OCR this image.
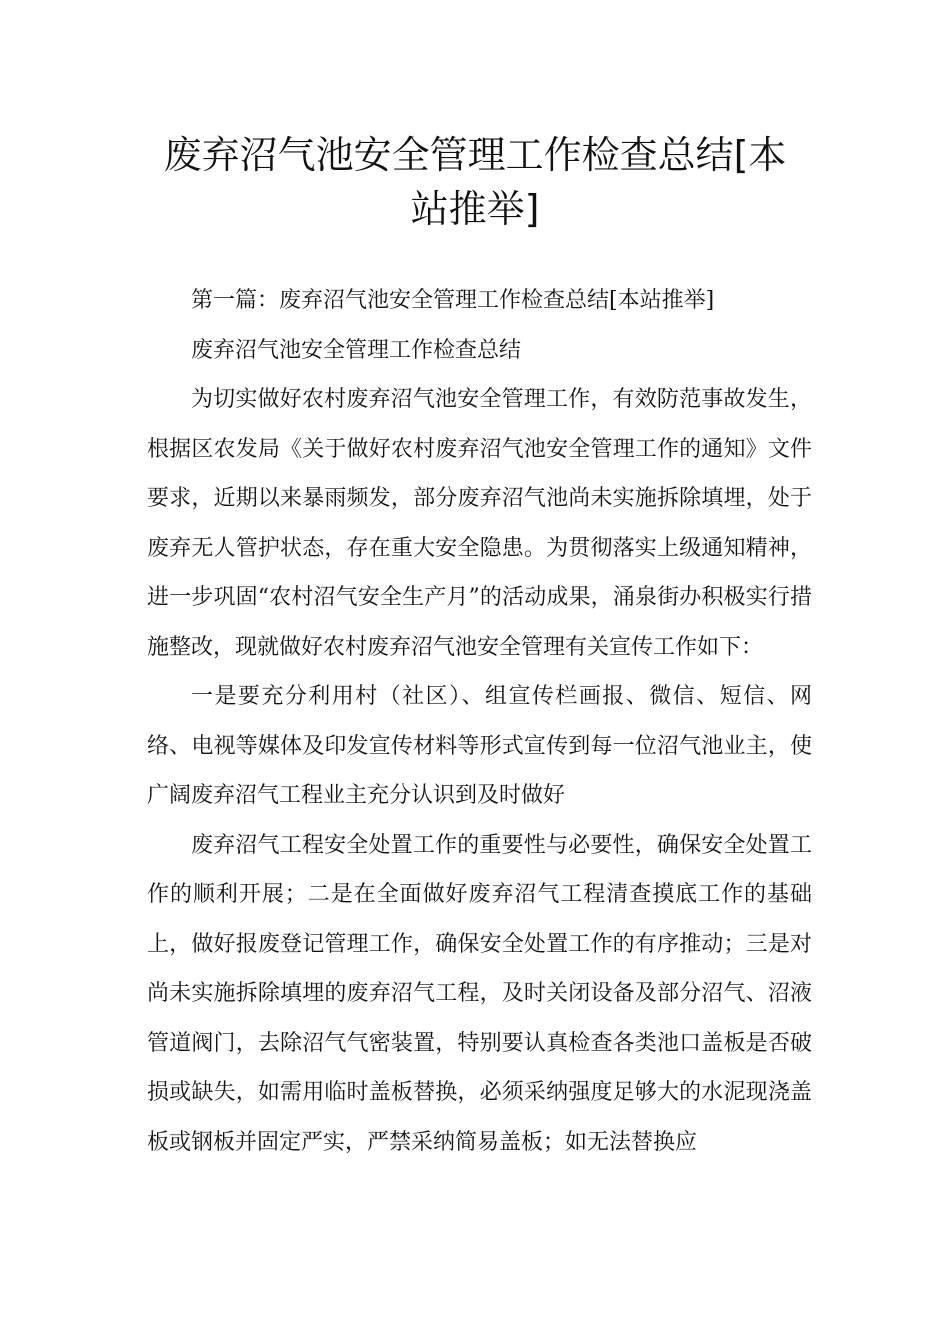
废弃沼气池安全管理工作检查总结[本
站推举]

第一篇：废弃沼气池安全管理工作检查总结[本站推举]

废弃沼气池安全管理工作检查总结

为切实做好农村废弃沼气池安全管理工作，有效防范事故发生，根据区农发局《关于做好农村废弃沼气池安全管理工作的通知》文件要求，近期以来暴雨频发，部分废弃沼气池尚未实施拆除填埋，处于废弃无人管护状态，存在重大安全隐患。为贯彻落实上级通知精神，进一步巩固“农村沼气安全生产月”的活动成果，涌泉街办积极实行措施整改，现就做好农村废弃沼气池安全管理有关宣传工作如下：

一是要充分利用村（社区）、组宣传栏画报、微信、短信、网络、电视等媒体及印发宣传材料等形式宣传到每一位沼气池业主，使广阔废弃沼气工程业主充分认识到及时做好

废弃沼气工程安全处置工作的重要性与必要性，确保安全处置工作的顺利开展；二是在全面做好废弃沼气工程清查摸底工作的基础上，做好报废登记管理工作，确保安全处置工作的有序推动；三是对尚未实施拆除填埋的废弃沼气工程，及时关闭设备及部分沼气、沼液管道阀门，去除沼气气密装置，特别要认真检查各类池口盖板是否破损或缺失，如需用临时盖板替换，必须采纳强度足够大的水泥现浇盖板或钢板并固定严实，严禁采纳简易盖板；如无法替换应
